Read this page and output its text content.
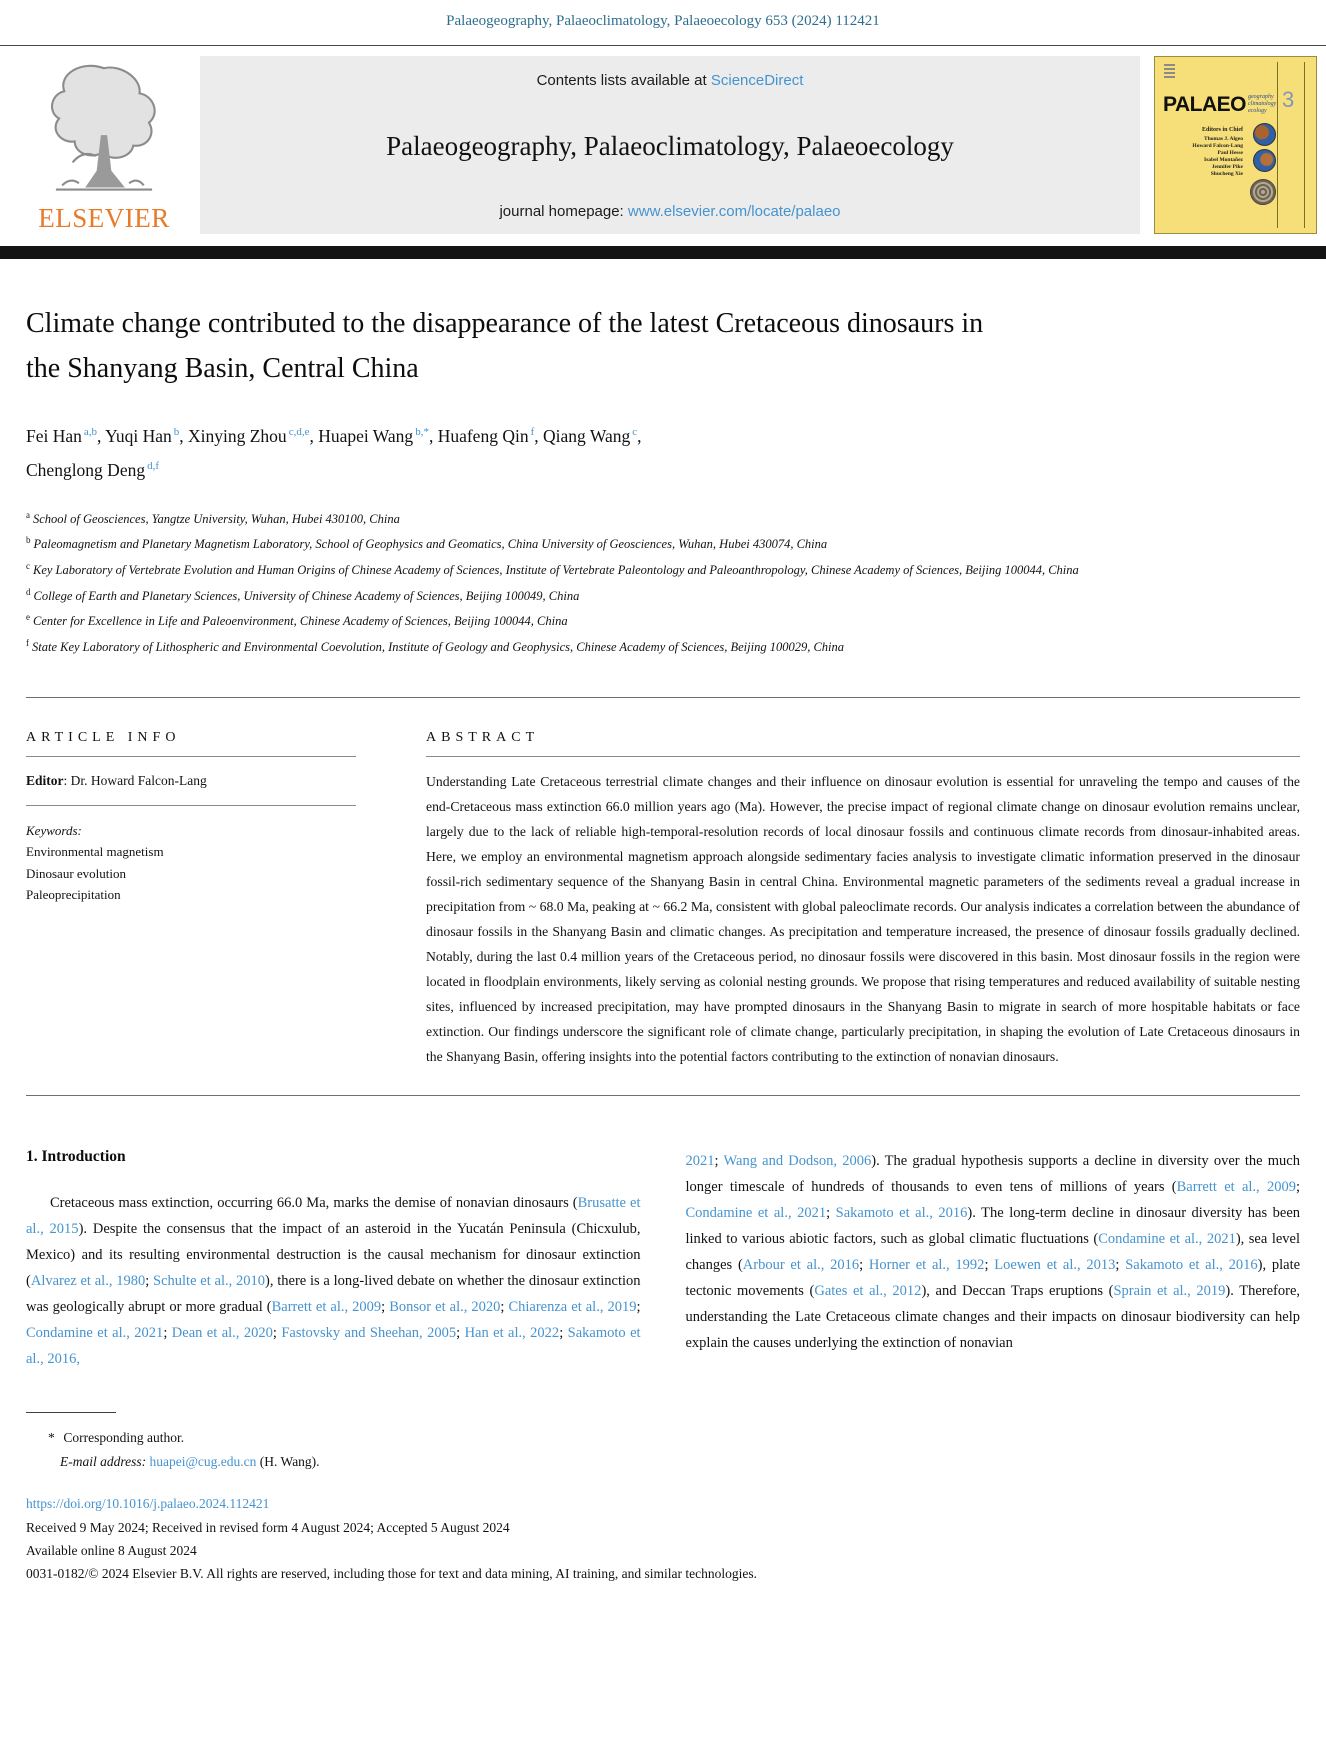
Palaeogeography, Palaeoclimatology, Palaeoecology 653 (2024) 112421
ELSEVIER
Contents lists available at ScienceDirect
Palaeogeography, Palaeoclimatology, Palaeoecology
journal homepage: www.elsevier.com/locate/palaeo
PALAEO geography
climatology
ecology 3
Editors in Chief
Thomas J. Algeo
Howard Falcon-Lang
Paul Hesse
Isabel Montañez
Jennifer Pike
Shucheng Xie
Climate change contributed to the disappearance of the latest Cretaceous dinosaurs in the Shanyang Basin, Central China
Fei Han $^{a,b}$, Yuqi Han $^b$, Xinying Zhou $^{c,d,e}$, Huapei Wang $^{b,*}$, Huafeng Qin $^f$, Qiang Wang $^c$,
Chenglong Deng $^{d,f}$
$^a$ School of Geosciences, Yangtze University, Wuhan, Hubei 430100, China
$^b$ Paleomagnetism and Planetary Magnetism Laboratory, School of Geophysics and Geomatics, China University of Geosciences, Wuhan, Hubei 430074, China
$^c$ Key Laboratory of Vertebrate Evolution and Human Origins of Chinese Academy of Sciences, Institute of Vertebrate Paleontology and Paleoanthropology, Chinese Academy of Sciences, Beijing 100044, China
$^d$ College of Earth and Planetary Sciences, University of Chinese Academy of Sciences, Beijing 100049, China
$^e$ Center for Excellence in Life and Paleoenvironment, Chinese Academy of Sciences, Beijing 100044, China
$^f$ State Key Laboratory of Lithospheric and Environmental Coevolution, Institute of Geology and Geophysics, Chinese Academy of Sciences, Beijing 100029, China
ARTICLE INFO
Editor: Dr. Howard Falcon-Lang
Keywords:
Environmental magnetism
Dinosaur evolution
Paleoprecipitation
ABSTRACT

Understanding Late Cretaceous terrestrial climate changes and their influence on dinosaur evolution is essential for unraveling the tempo and causes of the end-Cretaceous mass extinction 66.0 million years ago (Ma). However, the precise impact of regional climate change on dinosaur evolution remains unclear, largely due to the lack of reliable high-temporal-resolution records of local dinosaur fossils and continuous climate records from dinosaur-inhabited areas. Here, we employ an environmental magnetism approach alongside sedimentary facies analysis to investigate climatic information preserved in the dinosaur fossil-rich sedimentary sequence of the Shanyang Basin in central China. Environmental magnetic parameters of the sediments reveal a gradual increase in precipitation from ~ 68.0 Ma, peaking at ~ 66.2 Ma, consistent with global paleoclimate records. Our analysis indicates a correlation between the abundance of dinosaur fossils in the Shanyang Basin and climatic changes. As precipitation and temperature increased, the presence of dinosaur fossils gradually declined. Notably, during the last 0.4 million years of the Cretaceous period, no dinosaur fossils were discovered in this basin. Most dinosaur fossils in the region were located in floodplain environments, likely serving as colonial nesting grounds. We propose that rising temperatures and reduced availability of suitable nesting sites, influenced by increased precipitation, may have prompted dinosaurs in the Shanyang Basin to migrate in search of more hospitable habitats or face extinction. Our findings underscore the significant role of climate change, particularly precipitation, in shaping the evolution of Late Cretaceous dinosaurs in the Shanyang Basin, offering insights into the potential factors contributing to the extinction of nonavian dinosaurs.

1. Introduction

Cretaceous mass extinction, occurring 66.0 Ma, marks the demise of nonavian dinosaurs (Brusatte et al., 2015). Despite the consensus that the impact of an asteroid in the Yucatán Peninsula (Chicxulub, Mexico) and its resulting environmental destruction is the causal mechanism for dinosaur extinction (Alvarez et al., 1980; Schulte et al., 2010), there is a long-lived debate on whether the dinosaur extinction was geologically abrupt or more gradual (Barrett et al., 2009; Bonsor et al., 2020; Chiarenza et al., 2019; Condamine et al., 2021; Dean et al., 2020; Fastovsky and Sheehan, 2005; Han et al., 2022; Sakamoto et al., 2016,

2021; Wang and Dodson, 2006). The gradual hypothesis supports a decline in diversity over the much longer timescale of hundreds of thousands to even tens of millions of years (Barrett et al., 2009; Condamine et al., 2021; Sakamoto et al., 2016). The long-term decline in dinosaur diversity has been linked to various abiotic factors, such as global climatic fluctuations (Condamine et al., 2021), sea level changes (Arbour et al., 2016; Horner et al., 1992; Loewen et al., 2013; Sakamoto et al., 2016), plate tectonic movements (Gates et al., 2012), and Deccan Traps eruptions (Sprain et al., 2019). Therefore, understanding the Late Cretaceous climate changes and their impacts on dinosaur biodiversity can help explain the causes underlying the extinction of nonavian

* Corresponding author.
E-mail address: huapei@cug.edu.cn (H. Wang).
https://doi.org/10.1016/j.palaeo.2024.112421
Received 9 May 2024; Received in revised form 4 August 2024; Accepted 5 August 2024
Available online 8 August 2024
0031-0182/© 2024 Elsevier B.V. All rights are reserved, including those for text and data mining, AI training, and similar technologies.
